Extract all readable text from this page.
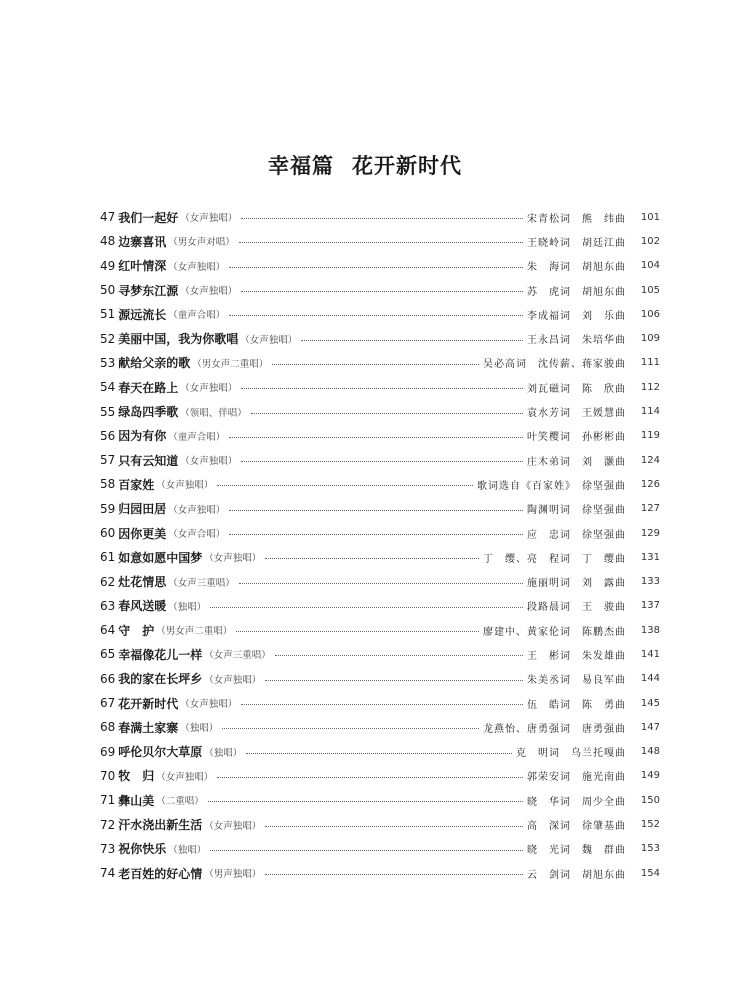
幸福篇 花开新时代
47 我们一起好 （女声独唱）	宋青松词　熊　纬曲	101
48 边寨喜讯 （男女声对唱）	王晓岭词　胡廷江曲	102
49 红叶情深 （女声独唱）	朱　海词　胡旭东曲	104
50 寻梦东江源 （女声独唱）	苏　虎词　胡旭东曲	105
51 源远流长 （童声合唱）	李成福词　刘　乐曲	106
52 美丽中国，我为你歌唱 （女声独唱）	王永昌词　朱培华曲	109
53 献给父亲的歌 （男女声二重唱）	吴必高词　沈传薪、蒋家骏曲	111
54 春天在路上 （女声独唱）	刘瓦磁词　陈　欣曲	112
55 绿岛四季歌 （领唱、伴唱）	袁水芳词　王媛慧曲	114
56 因为有你 （童声合唱）	叶笑樱词　孙彬彬曲	119
57 只有云知道 （女声独唱）	庄木弟词　刘　灏曲	124
58 百家姓 （女声独唱）	歌词选自《百家姓》　徐坚强曲	126
59 归园田居 （女声独唱）	陶渊明词　徐坚强曲	127
60 因你更美 （女声合唱）	应　忠词　徐坚强曲	129
61 如意如愿中国梦 （女声独唱）	丁　缨、亮　程词　丁　缨曲	131
62 灶花情思 （女声三重唱）	施丽明词　刘　露曲	133
63 春风送暖 （独唱）	段路晨词　王　骏曲	137
64 守　护 （男女声二重唱）	廖建中、黄家伦词　陈鹏杰曲	138
65 幸福像花儿一样 （女声三重唱）	王　彬词　朱发雄曲	141
66 我的家在长坪乡 （女声独唱）	朱美丞词　易良军曲	144
67 花开新时代 （女声独唱）	伍　皓词　陈　勇曲	145
68 春满土家寨 （独唱）	龙燕怡、唐勇强词　唐勇强曲	147
69 呼伦贝尔大草原 （独唱）	克　明词　乌兰托嘎曲	148
70 牧　归 （女声独唱）	郭荣安词　施光南曲	149
71 彝山美 （二重唱）	晓　华词　周少全曲	150
72 汗水浇出新生活 （女声独唱）	高　深词　徐肇基曲	152
73 祝你快乐 （独唱）	晓　光词　魏　群曲	153
74 老百姓的好心情 （男声独唱）	云　剑词　胡旭东曲	154
